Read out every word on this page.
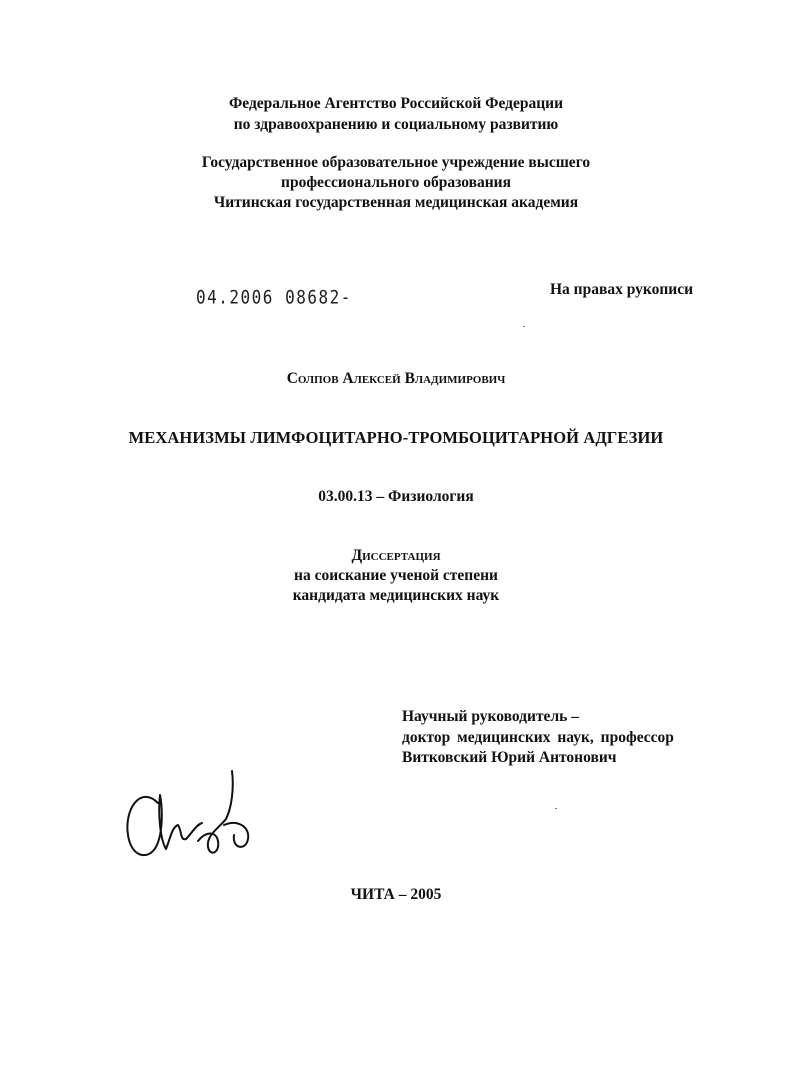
Федеральное Агентство Российской Федерации
по здравоохранению и социальному развитию
Государственное образовательное учреждение высшего
профессионального образования
Читинская государственная медицинская академия
04.2006 08682-	На правах рукописи
Солпов Алексей Владимирович
МЕХАНИЗМЫ ЛИМФОЦИТАРНО-ТРОМБОЦИТАРНОЙ АДГЕЗИИ
03.00.13 – Физиология
Диссертация
на соискание ученой степени
кандидата медицинских наук
Научный руководитель –
доктор медицинских наук, профессор
Витковский Юрий Антонович
ЧИТА – 2005
